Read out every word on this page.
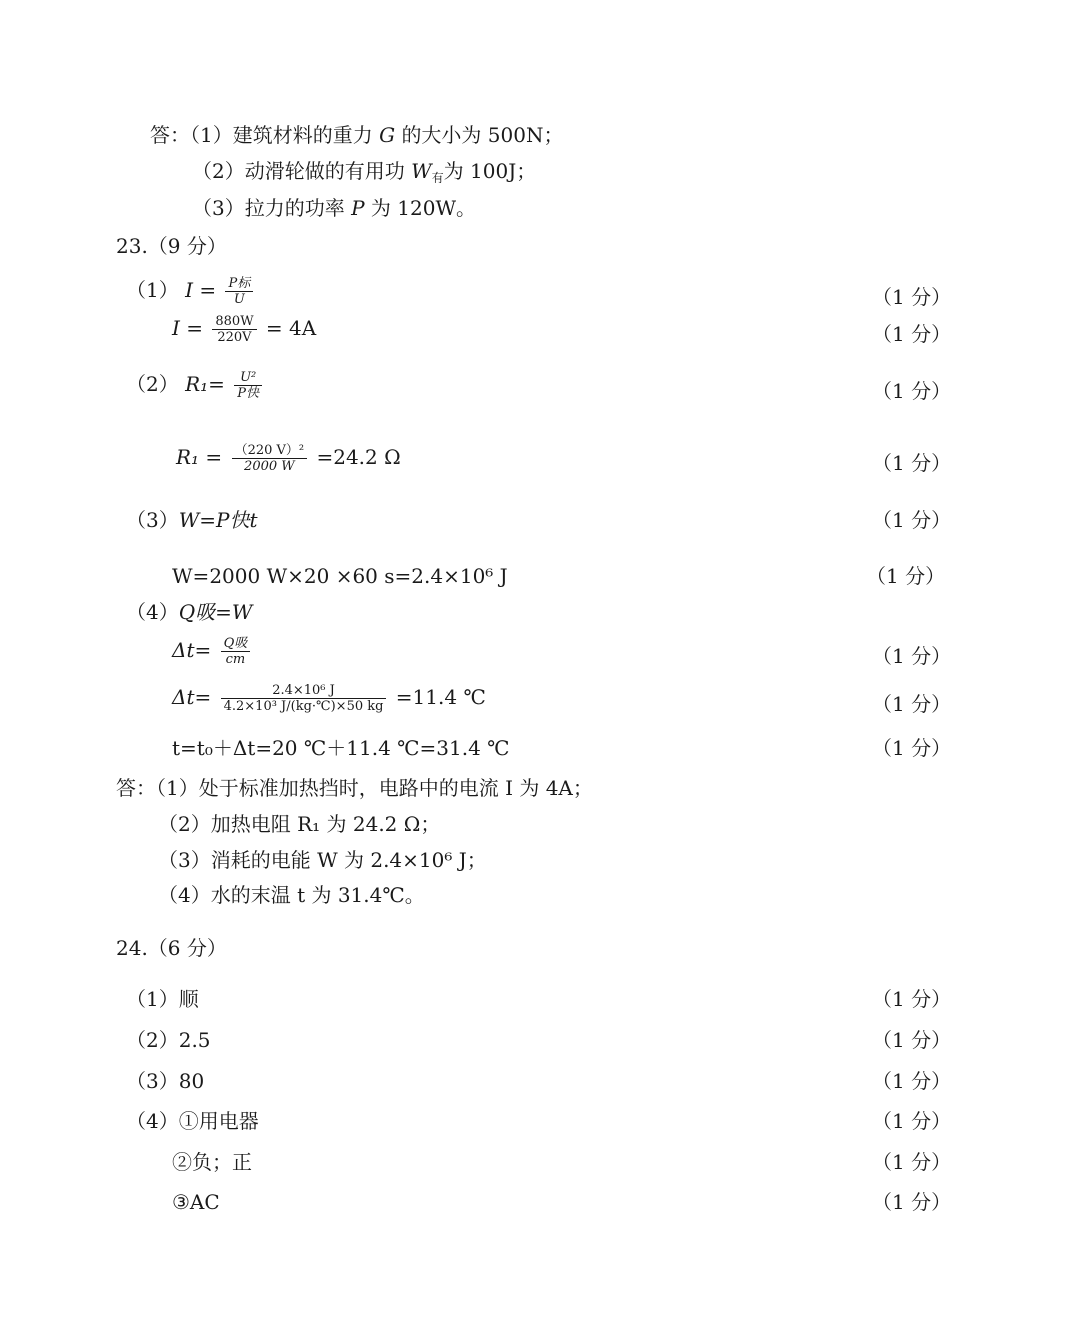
答：（1）建筑材料的重力 G 的大小为 500N；
（2）动滑轮做的有用功 $W_有$为 100J；
（3）拉力的功率 P 为 120W。
23.（9 分）
（1） $I = \frac{\text{P标}}{U}$	（1 分）
$I = \frac{880W}{220V} = 4A$	（1 分）
（2） $R_1= \frac{\text{U²}}{\text{P快}}$	（1 分）
$R_1 = \frac{\text{（220 V）²}}{2000 W} =24.2$ Ω	（1 分）
（3）W=P快t	（1 分）
W=2000 W×20 ×60 s=2.4×10⁶ J	（1 分）
（4）Q吸=W
$\Delta t= \frac{\text{Q吸}}{cm}$	（1 分）
$\Delta t= \frac{\text{2.4×10⁶ J}}{\text{4.2×10³ J/(kg·℃)×50 kg}} =11.4$ ℃	（1 分）
t=t₀＋Δt=20 ℃＋11.4 ℃=31.4 ℃	（1 分）
答：（1）处于标准加热挡时，电路中的电流 I 为 4A；
（2）加热电阻 R₁ 为 24.2 Ω；
（3）消耗的电能 W 为 2.4×10⁶ J；
（4）水的末温 t 为 31.4℃。
24.（6 分）
（1）顺	（1 分）
（2）2.5	（1 分）
（3）80	（1 分）
（4）①用电器	（1 分）
②负；正	（1 分）
③AC	（1 分）
